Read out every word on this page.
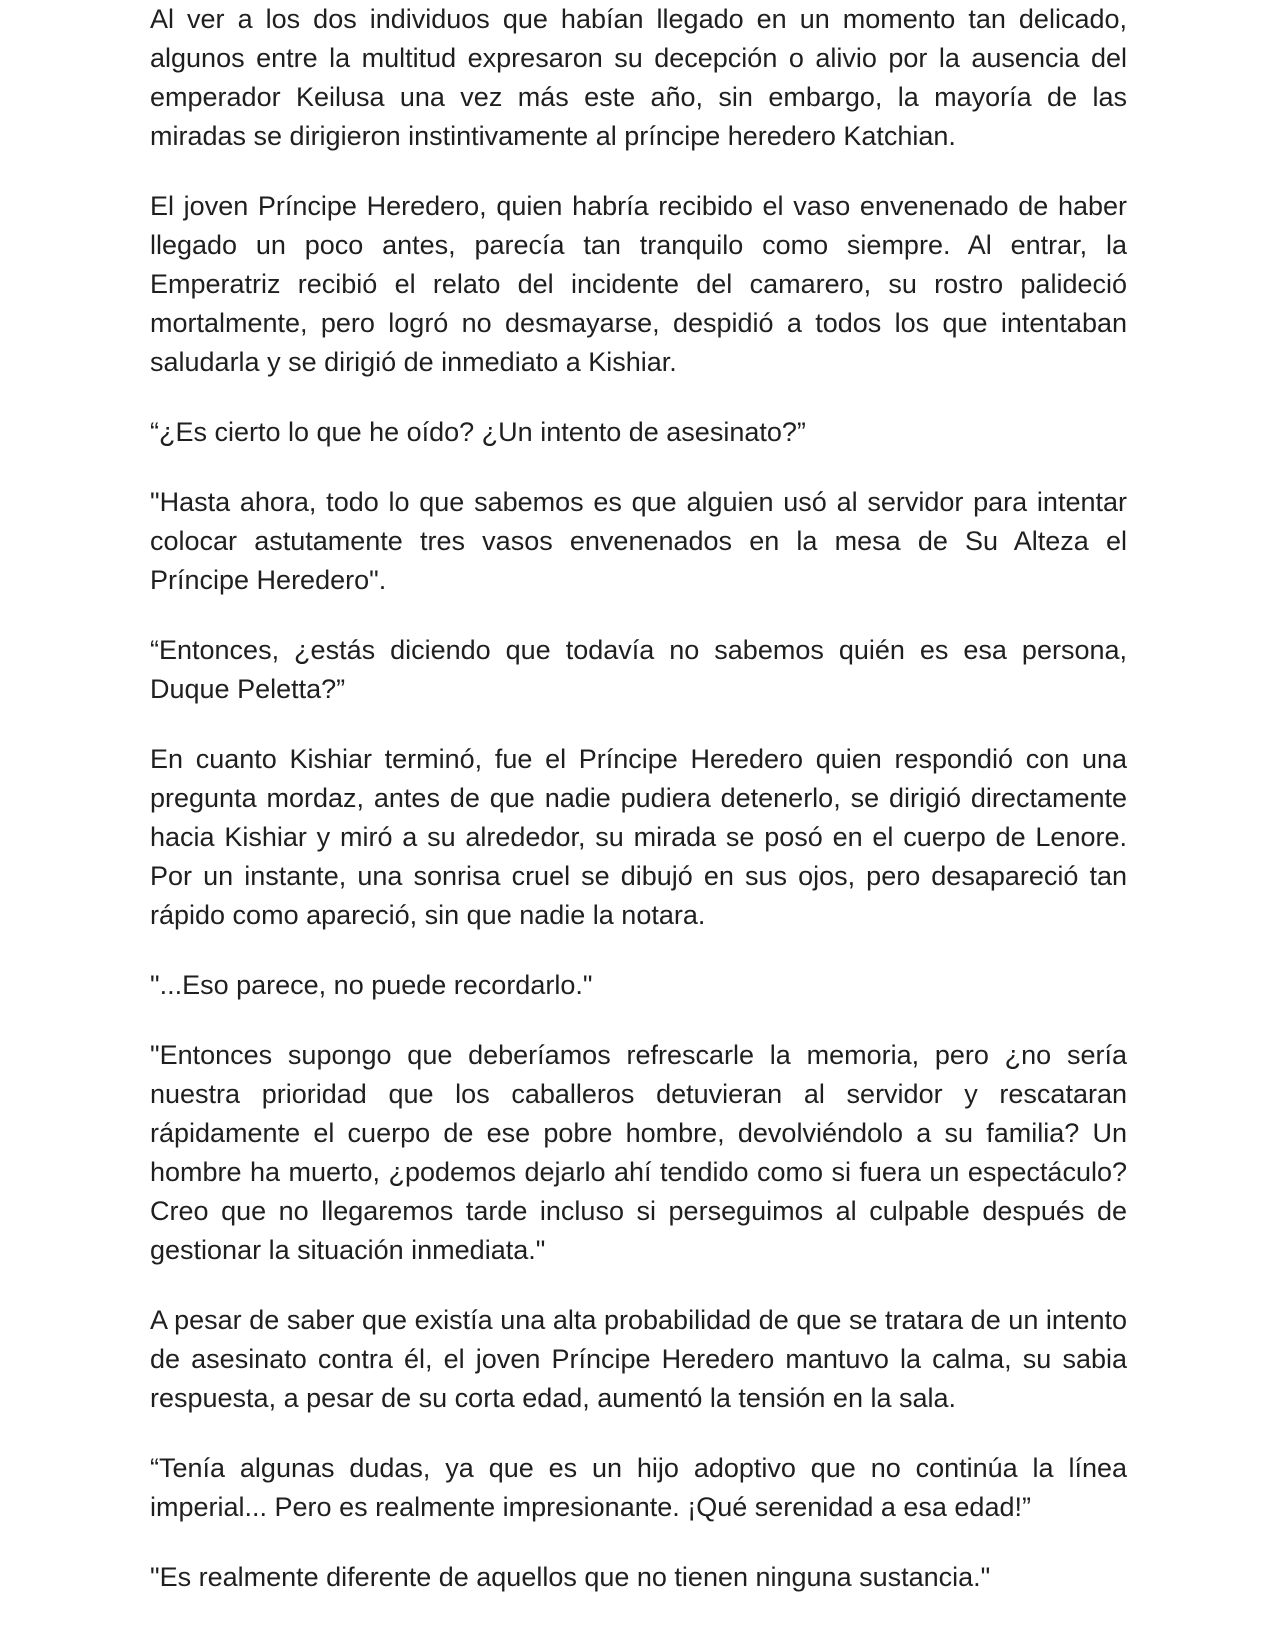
Al ver a los dos individuos que habían llegado en un momento tan delicado, algunos entre la multitud expresaron su decepción o alivio por la ausencia del emperador Keilusa una vez más este año, sin embargo, la mayoría de las miradas se dirigieron instintivamente al príncipe heredero Katchian.

El joven Príncipe Heredero, quien habría recibido el vaso envenenado de haber llegado un poco antes, parecía tan tranquilo como siempre. Al entrar, la Emperatriz recibió el relato del incidente del camarero, su rostro palideció mortalmente, pero logró no desmayarse, despidió a todos los que intentaban saludarla y se dirigió de inmediato a Kishiar.

“¿Es cierto lo que he oído? ¿Un intento de asesinato?”

"Hasta ahora, todo lo que sabemos es que alguien usó al servidor para intentar colocar astutamente tres vasos envenenados en la mesa de Su Alteza el Príncipe Heredero".

“Entonces, ¿estás diciendo que todavía no sabemos quién es esa persona, Duque Peletta?”

En cuanto Kishiar terminó, fue el Príncipe Heredero quien respondió con una pregunta mordaz, antes de que nadie pudiera detenerlo, se dirigió directamente hacia Kishiar y miró a su alrededor, su mirada se posó en el cuerpo de Lenore. Por un instante, una sonrisa cruel se dibujó en sus ojos, pero desapareció tan rápido como apareció, sin que nadie la notara.

"...Eso parece, no puede recordarlo."

"Entonces supongo que deberíamos refrescarle la memoria, pero ¿no sería nuestra prioridad que los caballeros detuvieran al servidor y rescataran rápidamente el cuerpo de ese pobre hombre, devolviéndolo a su familia? Un hombre ha muerto, ¿podemos dejarlo ahí tendido como si fuera un espectáculo? Creo que no llegaremos tarde incluso si perseguimos al culpable después de gestionar la situación inmediata."

A pesar de saber que existía una alta probabilidad de que se tratara de un intento de asesinato contra él, el joven Príncipe Heredero mantuvo la calma, su sabia respuesta, a pesar de su corta edad, aumentó la tensión en la sala.

“Tenía algunas dudas, ya que es un hijo adoptivo que no continúa la línea imperial... Pero es realmente impresionante. ¡Qué serenidad a esa edad!”

"Es realmente diferente de aquellos que no tienen ninguna sustancia."
